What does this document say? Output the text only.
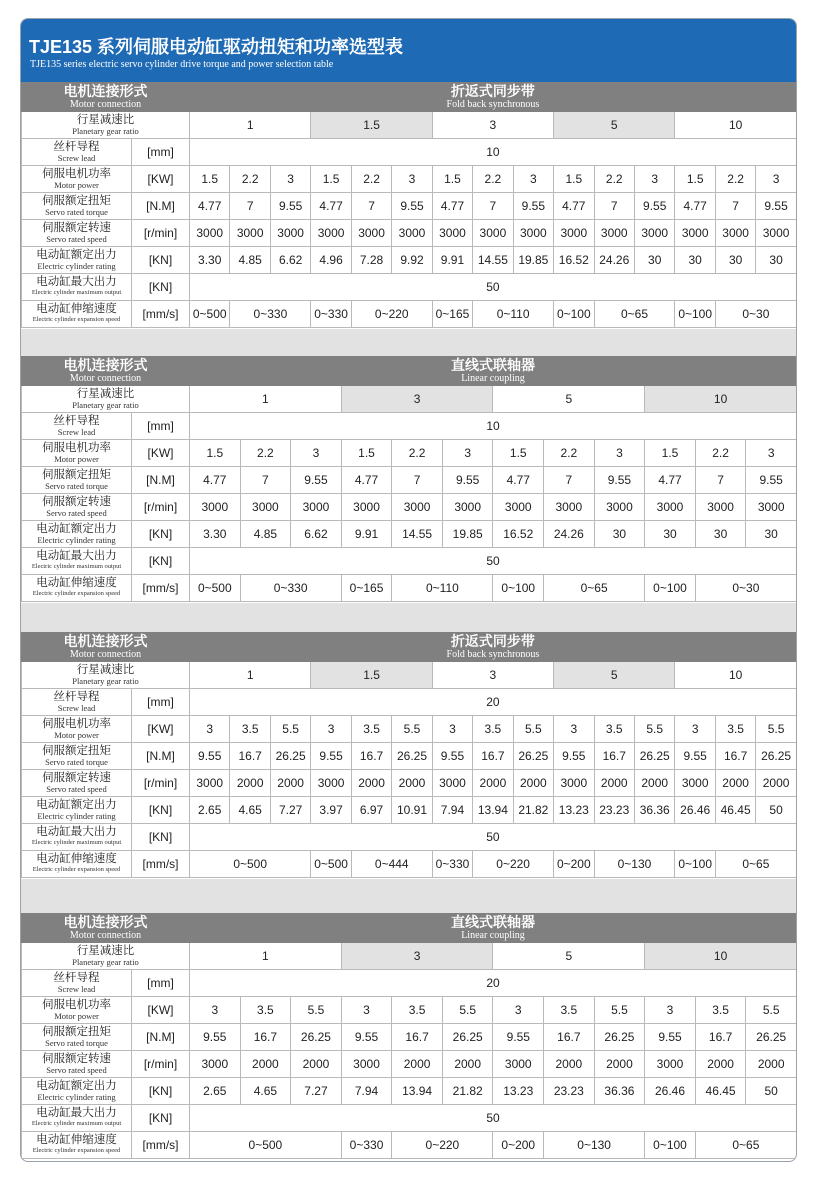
TJE135 系列伺服电动缸驱动扭矩和功率选型表
TJE135 series electric servo cylinder drive torque and power selection table
电机连接形式
Motor connection		折返式同步带
Fold back synchronous														

行星减速比
Planetary gear ratio		1			1.5			3			5			10		

丝杆导程
Screw lead	[mm]	10														

伺服电机功率
Motor power	[KW]	1.5	2.2	3	1.5	2.2	3	1.5	2.2	3	1.5	2.2	3	1.5	2.2	3

伺服额定扭矩
Servo rated torque	[N.M]	4.77	7	9.55	4.77	7	9.55	4.77	7	9.55	4.77	7	9.55	4.77	7	9.55

伺服额定转速
Servo rated speed	[r/min]	3000	3000	3000	3000	3000	3000	3000	3000	3000	3000	3000	3000	3000	3000	3000

电动缸额定出力
Electric cylinder rating	[KN]	3.30	4.85	6.62	4.96	7.28	9.92	9.91	14.55	19.85	16.52	24.26	30	30	30	30

电动缸最大出力
Electric cylinder maximum output	[KN]	50														

电动缸伸缩速度
Electric cylinder expansion speed	[mm/s]	0~500	0~330		0~330	0~220		0~165	0~110		0~100	0~65		0~100	0~30	
电机连接形式
Motor connection		直线式联轴器
Linear coupling											

行星减速比
Planetary gear ratio		1			3			5			10		

丝杆导程
Screw lead	[mm]	10											

伺服电机功率
Motor power	[KW]	1.5	2.2	3	1.5	2.2	3	1.5	2.2	3	1.5	2.2	3

伺服额定扭矩
Servo rated torque	[N.M]	4.77	7	9.55	4.77	7	9.55	4.77	7	9.55	4.77	7	9.55

伺服额定转速
Servo rated speed	[r/min]	3000	3000	3000	3000	3000	3000	3000	3000	3000	3000	3000	3000

电动缸额定出力
Electric cylinder rating	[KN]	3.30	4.85	6.62	9.91	14.55	19.85	16.52	24.26	30	30	30	30

电动缸最大出力
Electric cylinder maximum output	[KN]	50											

电动缸伸缩速度
Electric cylinder expansion speed	[mm/s]	0~500	0~330		0~165	0~110		0~100	0~65		0~100	0~30	
电机连接形式
Motor connection		折返式同步带
Fold back synchronous														

行星减速比
Planetary gear ratio		1			1.5			3			5			10		

丝杆导程
Screw lead	[mm]	20														

伺服电机功率
Motor power	[KW]	3	3.5	5.5	3	3.5	5.5	3	3.5	5.5	3	3.5	5.5	3	3.5	5.5

伺服额定扭矩
Servo rated torque	[N.M]	9.55	16.7	26.25	9.55	16.7	26.25	9.55	16.7	26.25	9.55	16.7	26.25	9.55	16.7	26.25

伺服额定转速
Servo rated speed	[r/min]	3000	2000	2000	3000	2000	2000	3000	2000	2000	3000	2000	2000	3000	2000	2000

电动缸额定出力
Electric cylinder rating	[KN]	2.65	4.65	7.27	3.97	6.97	10.91	7.94	13.94	21.82	13.23	23.23	36.36	26.46	46.45	50

电动缸最大出力
Electric cylinder maximum output	[KN]	50														

电动缸伸缩速度
Electric cylinder expansion speed	[mm/s]	0~500			0~500	0~444		0~330	0~220		0~200	0~130		0~100	0~65	
电机连接形式
Motor connection		直线式联轴器
Linear coupling											

行星减速比
Planetary gear ratio		1			3			5			10		

丝杆导程
Screw lead	[mm]	20											

伺服电机功率
Motor power	[KW]	3	3.5	5.5	3	3.5	5.5	3	3.5	5.5	3	3.5	5.5

伺服额定扭矩
Servo rated torque	[N.M]	9.55	16.7	26.25	9.55	16.7	26.25	9.55	16.7	26.25	9.55	16.7	26.25

伺服额定转速
Servo rated speed	[r/min]	3000	2000	2000	3000	2000	2000	3000	2000	2000	3000	2000	2000

电动缸额定出力
Electric cylinder rating	[KN]	2.65	4.65	7.27	7.94	13.94	21.82	13.23	23.23	36.36	26.46	46.45	50

电动缸最大出力
Electric cylinder maximum output	[KN]	50											

电动缸伸缩速度
Electric cylinder expansion speed	[mm/s]	0~500			0~330	0~220		0~200	0~130		0~100	0~65	
